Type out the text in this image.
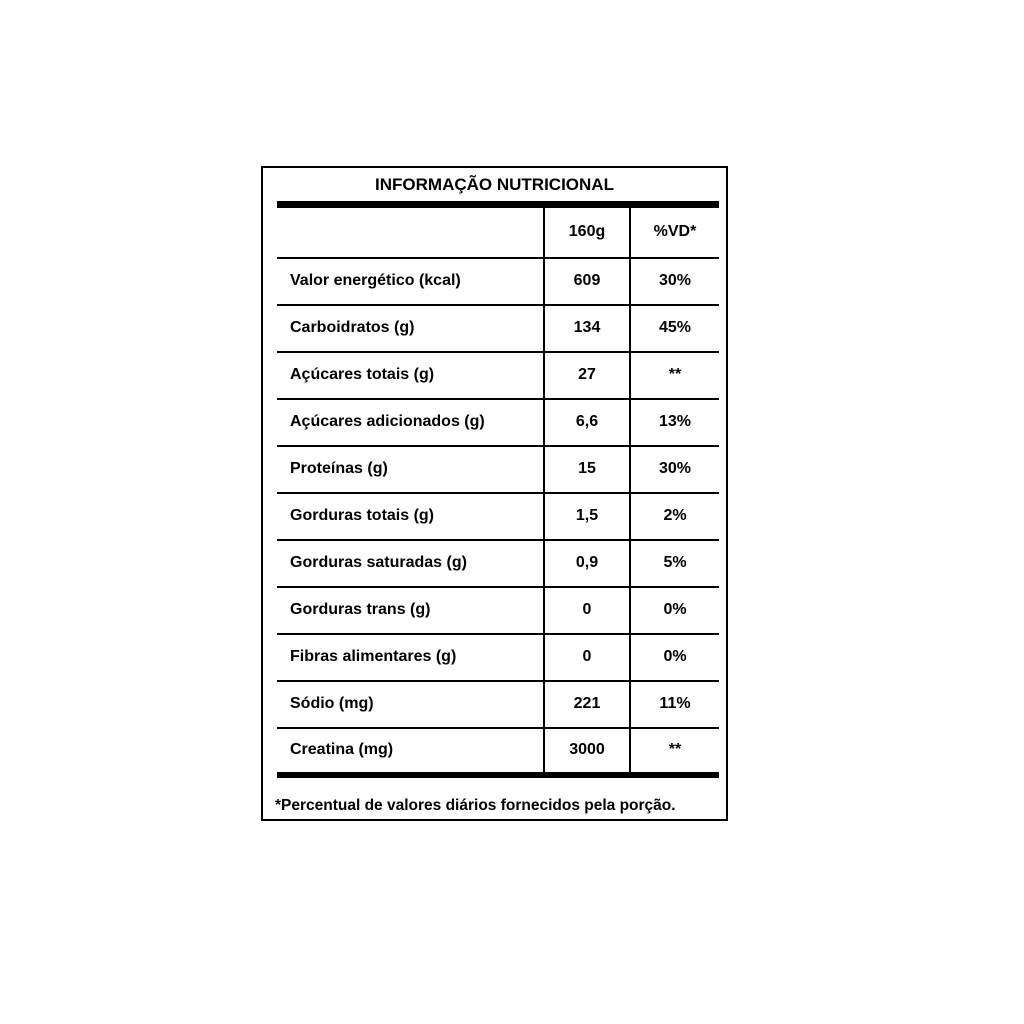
INFORMAÇÃO NUTRICIONAL
	160g	%VD*
Valor energético (kcal)	609	30%
Carboidratos (g)	134	45%
Açúcares totais (g)	27	**
Açúcares adicionados (g)	6,6	13%
Proteínas (g)	15	30%
Gorduras totais (g)	1,5	2%
Gorduras saturadas (g)	0,9	5%
Gorduras trans (g)	0	0%
Fibras alimentares (g)	0	0%
Sódio (mg)	221	11%
Creatina (mg)	3000	**
*Percentual de valores diários fornecidos pela porção.
